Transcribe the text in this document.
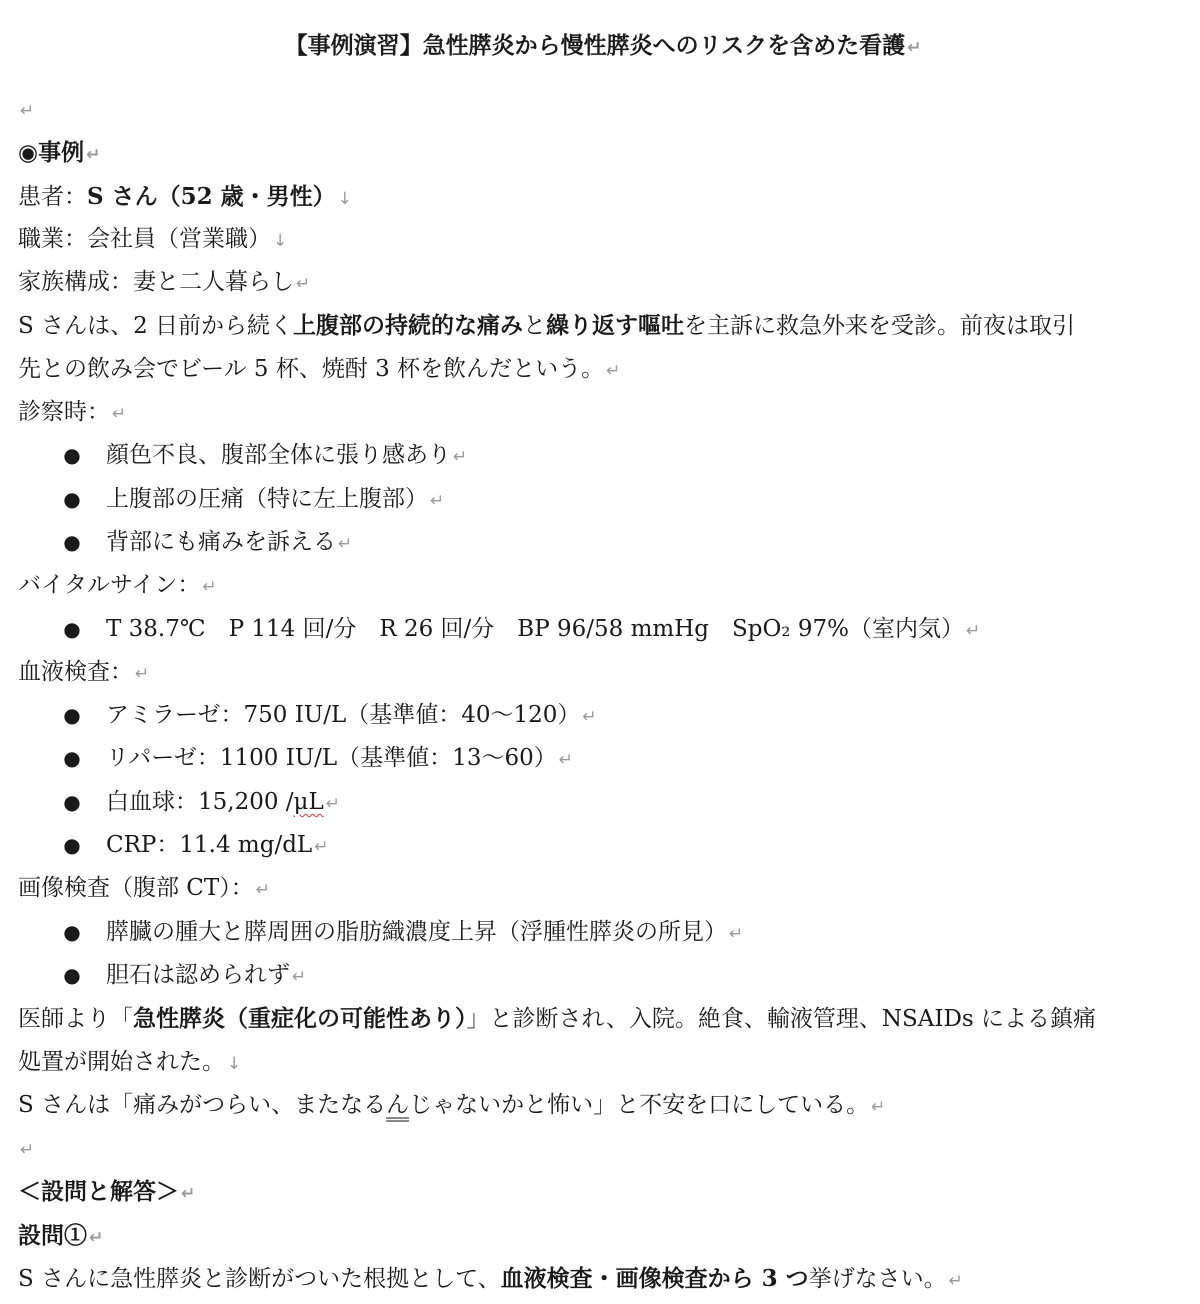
【事例演習】急性膵炎から慢性膵炎へのリスクを含めた看護 ↵
↵
◉事例 ↵
患者：S さん（52 歳・男性） ↓
職業：会社員（営業職） ↓
家族構成：妻と二人暮らし ↵
S さんは、2 日前から続く上腹部の持続的な痛みと繰り返す嘔吐を主訴に救急外来を受診。前夜は取引
先との飲み会でビール 5 杯、焼酎 3 杯を飲んだという。 ↵
診察時： ↵
● 顔色不良、腹部全体に張り感あり ↵
● 上腹部の圧痛（特に左上腹部） ↵
● 背部にも痛みを訴える ↵
バイタルサイン： ↵
● T 38.7℃　P 114 回/分　R 26 回/分　BP 96/58 mmHg　SpO₂ 97%（室内気） ↵
血液検査： ↵
● アミラーゼ：750 IU/L（基準値：40〜120） ↵
● リパーゼ：1100 IU/L（基準値：13〜60） ↵
● 白血球：15,200 /μL ↵
● CRP：11.4 mg/dL ↵
画像検査（腹部 CT）： ↵
● 膵臓の腫大と膵周囲の脂肪織濃度上昇（浮腫性膵炎の所見） ↵
● 胆石は認められず ↵
医師より「急性膵炎（重症化の可能性あり）」と診断され、入院。絶食、輸液管理、NSAIDs による鎮痛
処置が開始された。 ↓
S さんは「痛みがつらい、またなるんじゃないかと怖い」と不安を口にしている。 ↵
↵
＜設問と解答＞ ↵
設問① ↵
S さんに急性膵炎と診断がついた根拠として、血液検査・画像検査から 3 つ挙げなさい。 ↵
